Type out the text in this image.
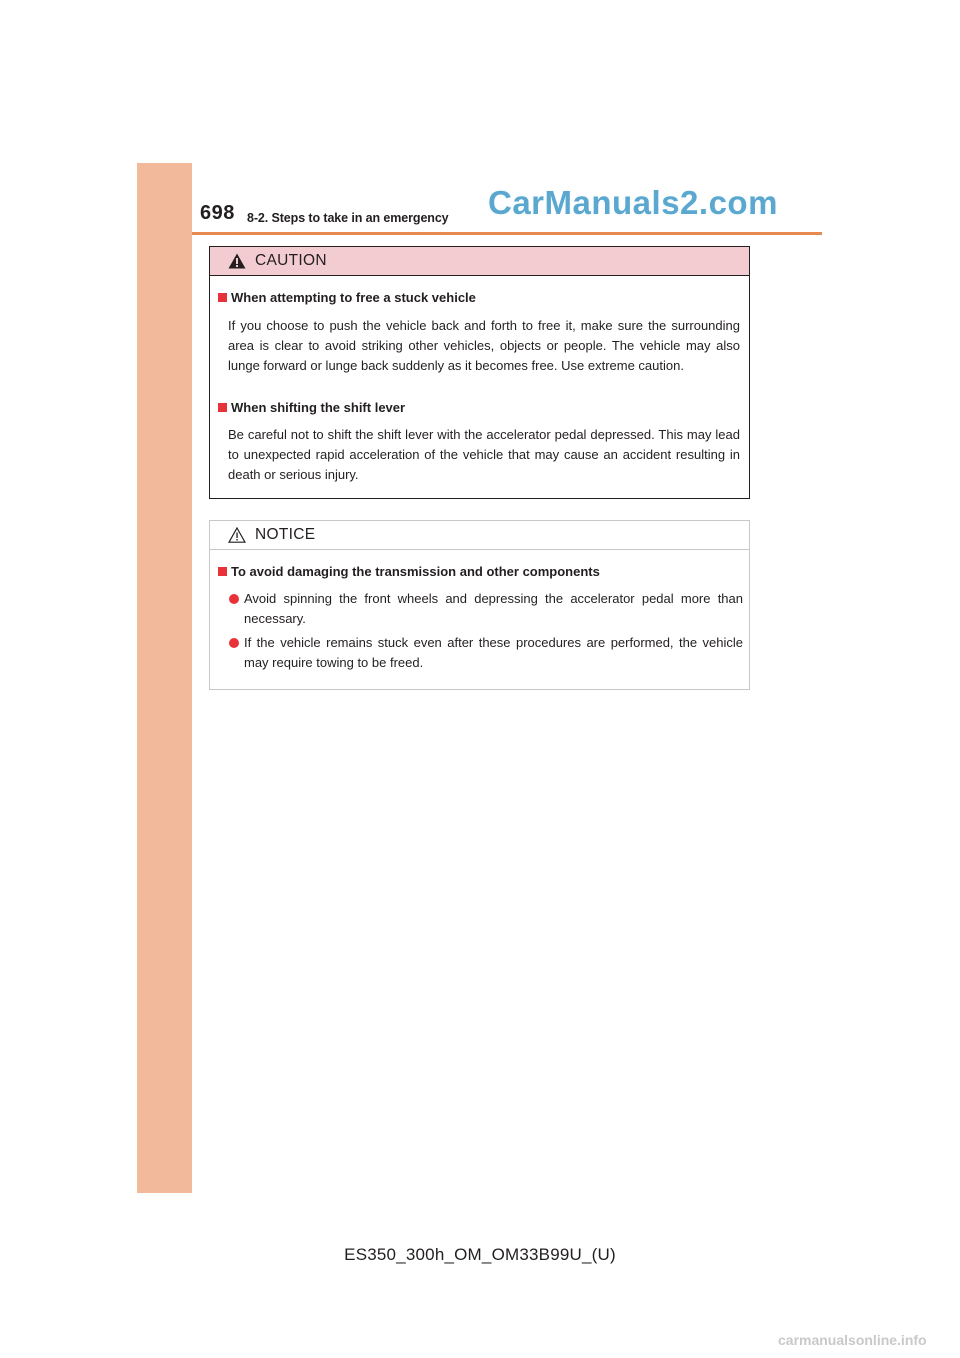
698 8-2. Steps to take in an emergency CarManuals2.com
CAUTION
When attempting to free a stuck vehicle
If you choose to push the vehicle back and forth to free it, make sure the surrounding area is clear to avoid striking other vehicles, objects or people. The vehicle may also lunge forward or lunge back suddenly as it becomes free. Use extreme caution.
When shifting the shift lever
Be careful not to shift the shift lever with the accelerator pedal depressed. This may lead to unexpected rapid acceleration of the vehicle that may cause an accident resulting in death or serious injury.
NOTICE
To avoid damaging the transmission and other components
Avoid spinning the front wheels and depressing the accelerator pedal more than necessary.
If the vehicle remains stuck even after these procedures are performed, the vehicle may require towing to be freed.
ES350_300h_OM_OM33B99U_(U)
carmanualsonline.info
